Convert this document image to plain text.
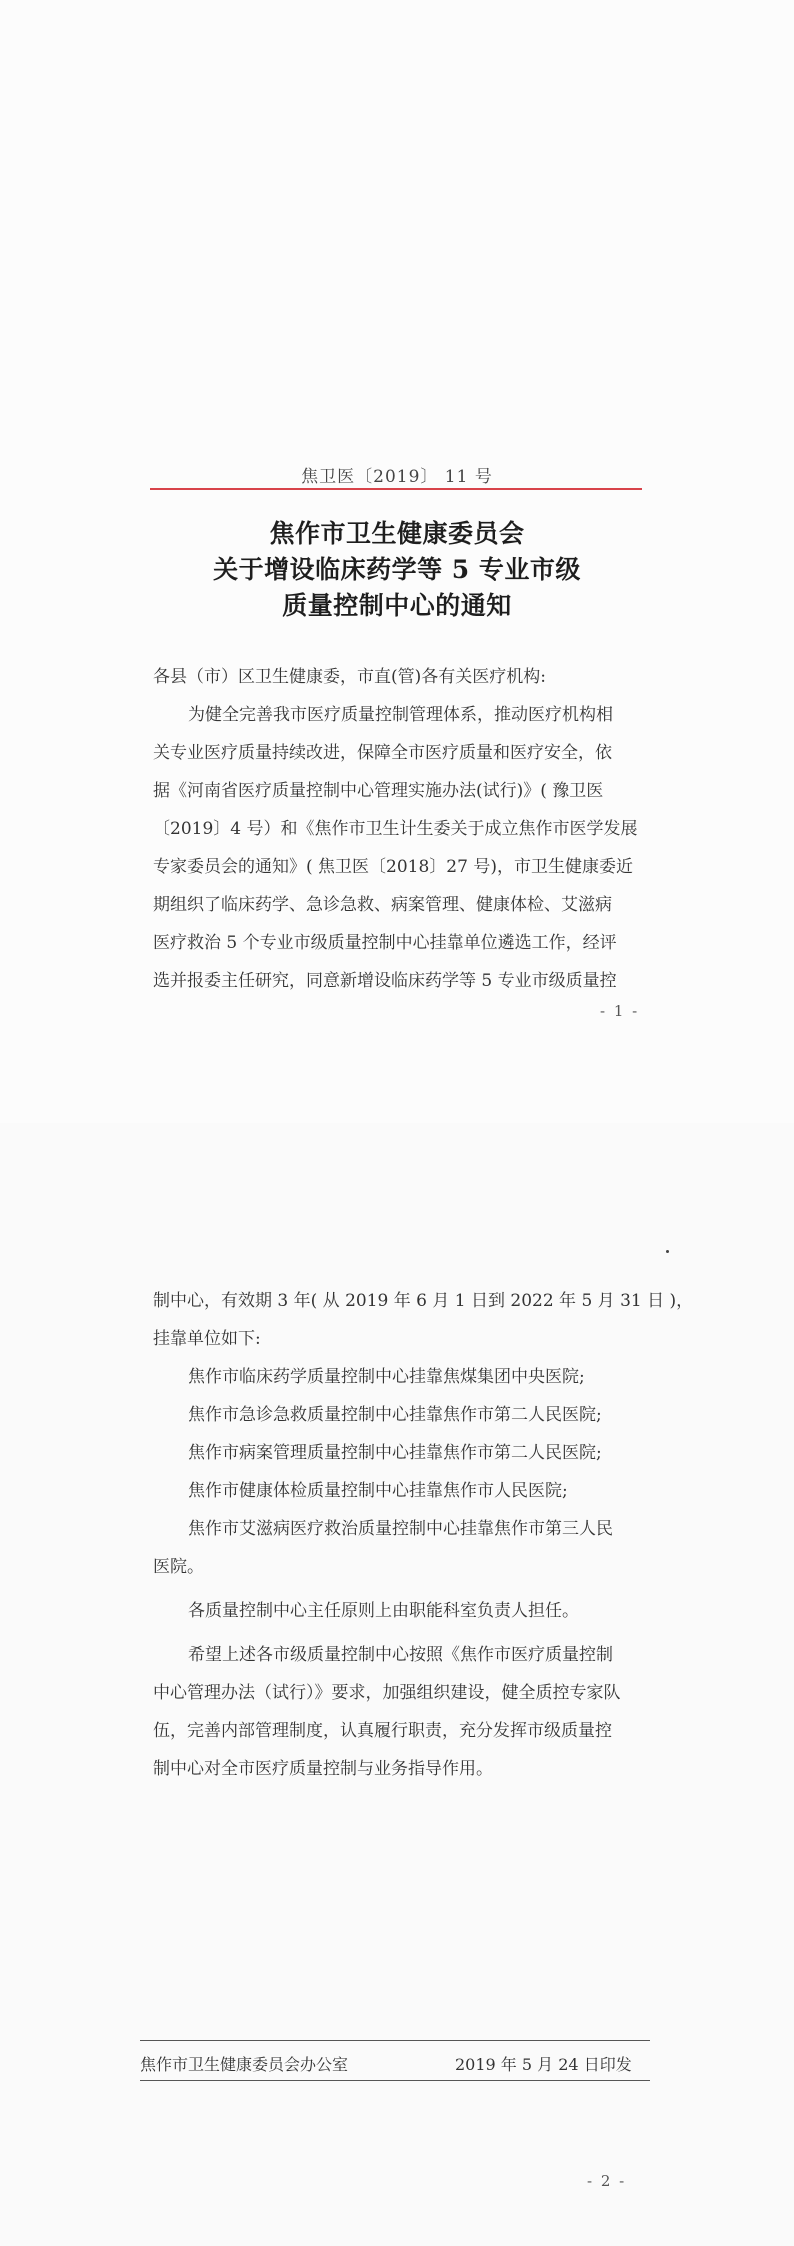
焦卫医〔2019〕 11 号
焦作市卫生健康委员会
关于增设临床药学等 5 专业市级
质量控制中心的通知
各县（市）区卫生健康委，市直(管)各有关医疗机构:
为健全完善我市医疗质量控制管理体系，推动医疗机构相
关专业医疗质量持续改进，保障全市医疗质量和医疗安全，依
据《河南省医疗质量控制中心管理实施办法(试行)》( 豫卫医
〔2019〕4 号）和《焦作市卫生计生委关于成立焦作市医学发展
专家委员会的通知》( 焦卫医〔2018〕27 号)，市卫生健康委近
期组织了临床药学、急诊急救、病案管理、健康体检、艾滋病
医疗救治 5 个专业市级质量控制中心挂靠单位遴选工作，经评
选并报委主任研究，同意新增设临床药学等 5 专业市级质量控
- 1 -
制中心，有效期 3 年( 从 2019 年 6 月 1 日到 2022 年 5 月 31 日 )，
挂靠单位如下:
焦作市临床药学质量控制中心挂靠焦煤集团中央医院;
焦作市急诊急救质量控制中心挂靠焦作市第二人民医院;
焦作市病案管理质量控制中心挂靠焦作市第二人民医院;
焦作市健康体检质量控制中心挂靠焦作市人民医院;
焦作市艾滋病医疗救治质量控制中心挂靠焦作市第三人民
医院。
各质量控制中心主任原则上由职能科室负责人担任。
希望上述各市级质量控制中心按照《焦作市医疗质量控制
中心管理办法（试行）》要求，加强组织建设，健全质控专家队
伍，完善内部管理制度，认真履行职责，充分发挥市级质量控
制中心对全市医疗质量控制与业务指导作用。
焦作市卫生健康委员会办公室	2019 年 5 月 24 日印发
- 2 -
